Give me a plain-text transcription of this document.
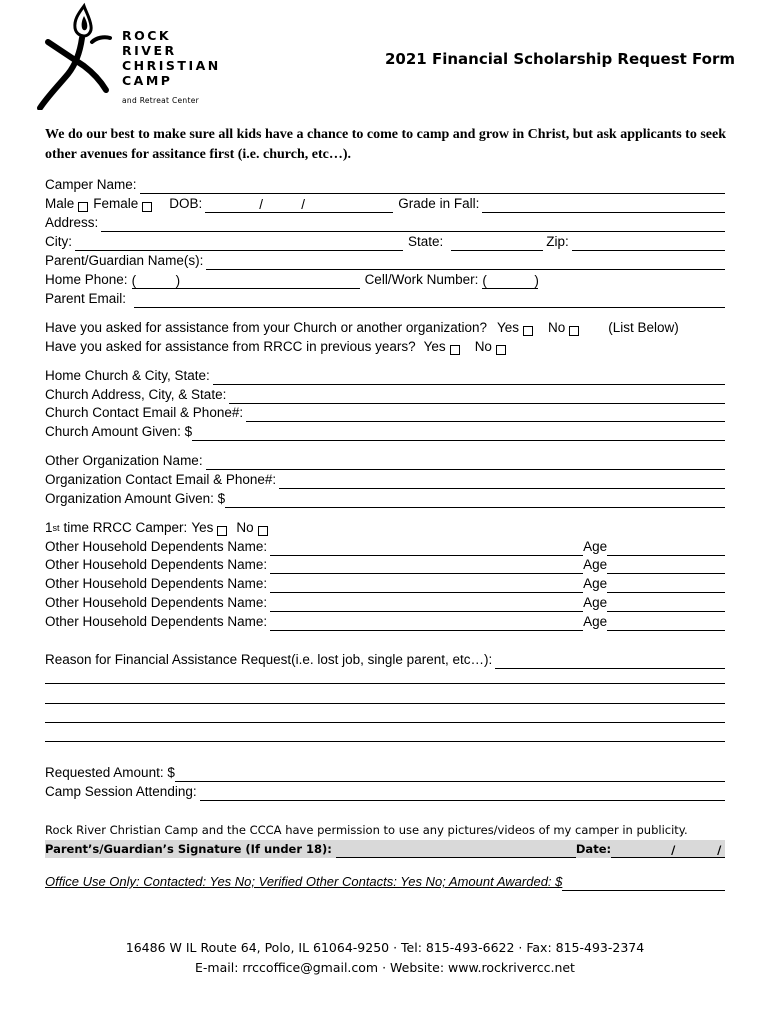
ROCK
RIVER
CHRISTIAN
CAMP
and Retreat Center
2021 Financial Scholarship Request Form
We do our best to make sure all kids have a chance to come to camp and grow in Christ, but ask applicants to seek other avenues for assitance first (i.e. church, etc…).
Camper Name:
Male Female DOB:	/	/	Grade in Fall:
Address:
City:	State:	Zip:
Parent/Guardian Name(s):
Home Phone: (	)	Cell/Work Number: (	)
Parent Email:
Have you asked for assistance from your Church or another organization? Yes No	(List Below)
Have you asked for assistance from RRCC in previous years? Yes No
Home Church & City, State:
Church Address, City, & State:
Church Contact Email & Phone#:
Church Amount Given: $
Other Organization Name:
Organization Contact Email & Phone#:
Organization Amount Given: $
1 st time RRCC Camper: Yes No
Other Household Dependents Name:	Age
Other Household Dependents Name:	Age
Other Household Dependents Name:	Age
Other Household Dependents Name:	Age
Other Household Dependents Name:	Age
Reason for Financial Assistance Request(i.e. lost job, single parent, etc…):
Requested Amount: $
Camp Session Attending:
Rock River Christian Camp and the CCCA have permission to use any pictures/videos of my camper in publicity.
Parent’s/Guardian’s Signature (If under 18):	Date:	/	/
Office Use Only: Contacted: Yes No; Verified Other Contacts: Yes No; Amount Awarded: $
16486 W IL Route 64, Polo, IL 61064-9250 · Tel: 815-493-6622 · Fax: 815-493-2374
E-mail: rrccoffice@gmail.com · Website: www.rockrivercc.net
